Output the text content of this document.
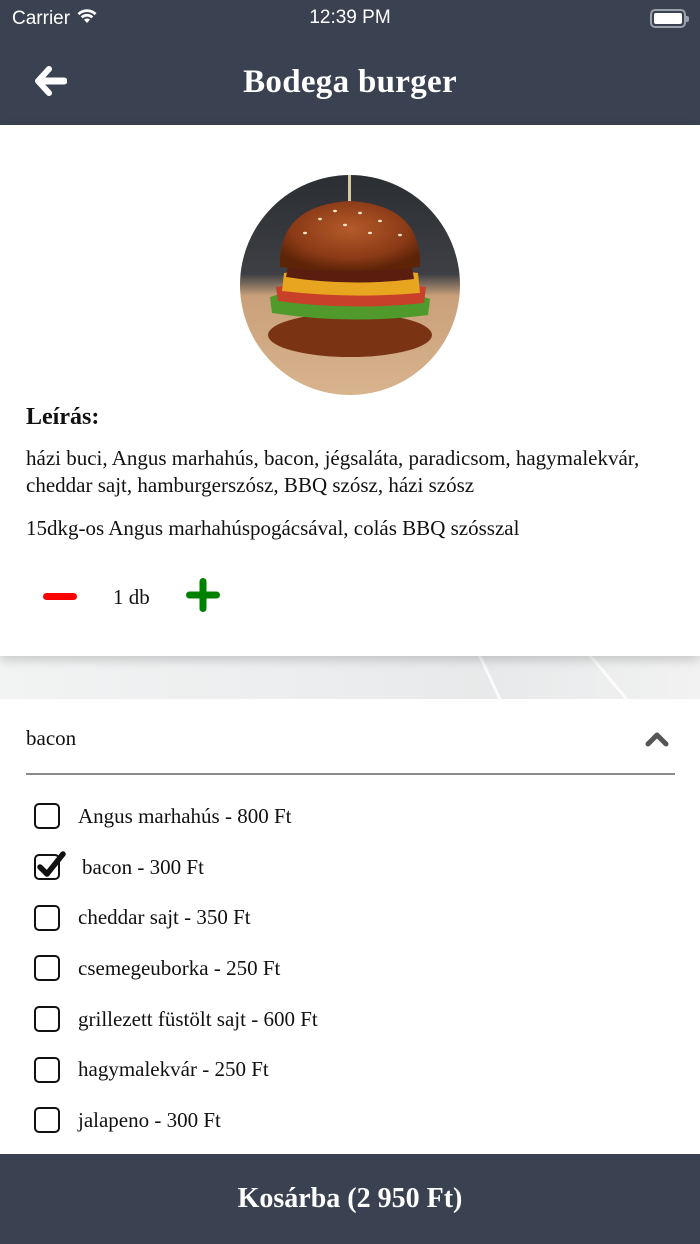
Carrier	12:39 PM
Bodega burger
Leírás:
házi buci, Angus marhahús, bacon, jégsaláta, paradicsom, hagymalekvár, cheddar sajt, hamburgerszósz, BBQ szósz, házi szósz
15dkg-os Angus marhahúspogácsával, colás BBQ szósszal
1 db
bacon
Angus marhahús - 800 Ft
bacon - 300 Ft
cheddar sajt - 350 Ft
csemegeuborka - 250 Ft
grillezett füstölt sajt - 600 Ft
hagymalekvár - 250 Ft
jalapeno - 300 Ft
Kosárba (2 950 Ft)
